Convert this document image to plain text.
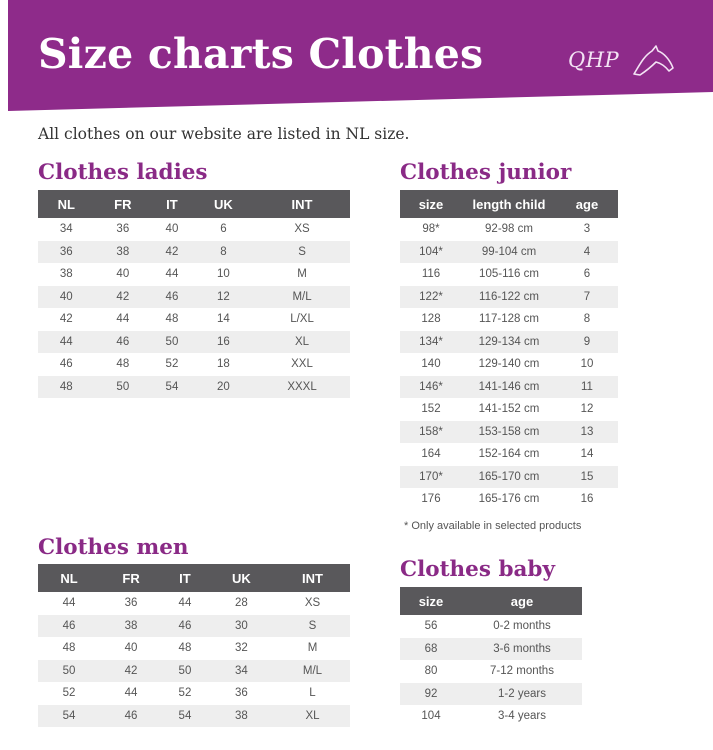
Size charts Clothes	QHP

All clothes on our website are listed in NL size.

Clothes ladies
NL	FR	IT	UK	INT
34	36	40	6	XS
36	38	42	8	S
38	40	44	10	M
40	42	46	12	M/L
42	44	48	14	L/XL
44	46	50	16	XL
46	48	52	18	XXL
48	50	54	20	XXXL
Clothes junior
size	length child	age
98*	92-98 cm	3
104*	99-104 cm	4
116	105-116 cm	6
122*	116-122 cm	7
128	117-128 cm	8
134*	129-134 cm	9
140	129-140 cm	10
146*	141-146 cm	11
152	141-152 cm	12
158*	153-158 cm	13
164	152-164 cm	14
170*	165-170 cm	15
176	165-176 cm	16

* Only available in selected products

Clothes men
NL	FR	IT	UK	INT
44	36	44	28	XS
46	38	46	30	S
48	40	48	32	M
50	42	50	34	M/L
52	44	52	36	L
54	46	54	38	XL
Clothes baby
size	age
56	0-2 months
68	3-6 months
80	7-12 months
92	1-2 years
104	3-4 years
